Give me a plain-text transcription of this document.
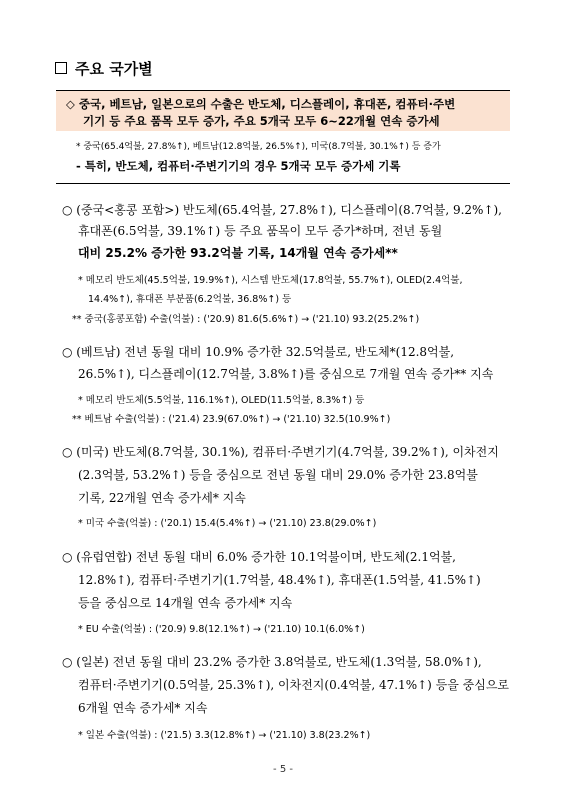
주요 국가별
◇ 중국, 베트남, 일본으로의 수출은 반도체, 디스플레이, 휴대폰, 컴퓨터·주변
기기 등 주요 품목 모두 증가, 주요 5개국 모두 6~22개월 연속 증가세
* 중국(65.4억불, 27.8%↑), 베트남(12.8억불, 26.5%↑), 미국(8.7억불, 30.1%↑) 등 증가
- 특히, 반도체, 컴퓨터·주변기기의 경우 5개국 모두 증가세 기록
○ (중국<홍콩 포함>) 반도체(65.4억불, 27.8%↑), 디스플레이(8.7억불, 9.2%↑),
휴대폰(6.5억불, 39.1%↑) 등 주요 품목이 모두 증가*하며, 전년 동월
대비 25.2% 증가한 93.2억불 기록, 14개월 연속 증가세**
* 메모리 반도체(45.5억불, 19.9%↑), 시스템 반도체(17.8억불, 55.7%↑), OLED(2.4억불,
14.4%↑), 휴대폰 부분품(6.2억불, 36.8%↑) 등
** 중국(홍콩포함) 수출(억불) : ('20.9) 81.6(5.6%↑) → ('21.10) 93.2(25.2%↑)
○ (베트남) 전년 동월 대비 10.9% 증가한 32.5억불로, 반도체*(12.8억불,
26.5%↑), 디스플레이(12.7억불, 3.8%↑)를 중심으로 7개월 연속 증가** 지속
* 메모리 반도체(5.5억불, 116.1%↑), OLED(11.5억불, 8.3%↑) 등
** 베트남 수출(억불) : ('21.4) 23.9(67.0%↑) → ('21.10) 32.5(10.9%↑)
○ (미국) 반도체(8.7억불, 30.1%), 컴퓨터·주변기기(4.7억불, 39.2%↑), 이차전지
(2.3억불, 53.2%↑) 등을 중심으로 전년 동월 대비 29.0% 증가한 23.8억불
기록, 22개월 연속 증가세* 지속
* 미국 수출(억불) : ('20.1) 15.4(5.4%↑) → ('21.10) 23.8(29.0%↑)
○ (유럽연합) 전년 동월 대비 6.0% 증가한 10.1억불이며, 반도체(2.1억불,
12.8%↑), 컴퓨터·주변기기(1.7억불, 48.4%↑), 휴대폰(1.5억불, 41.5%↑)
등을 중심으로 14개월 연속 증가세* 지속
* EU 수출(억불) : ('20.9) 9.8(12.1%↑) → ('21.10) 10.1(6.0%↑)
○ (일본) 전년 동월 대비 23.2% 증가한 3.8억불로, 반도체(1.3억불, 58.0%↑),
컴퓨터·주변기기(0.5억불, 25.3%↑), 이차전지(0.4억불, 47.1%↑) 등을 중심으로
6개월 연속 증가세* 지속
* 일본 수출(억불) : ('21.5) 3.3(12.8%↑) → ('21.10) 3.8(23.2%↑)
- 5 -
